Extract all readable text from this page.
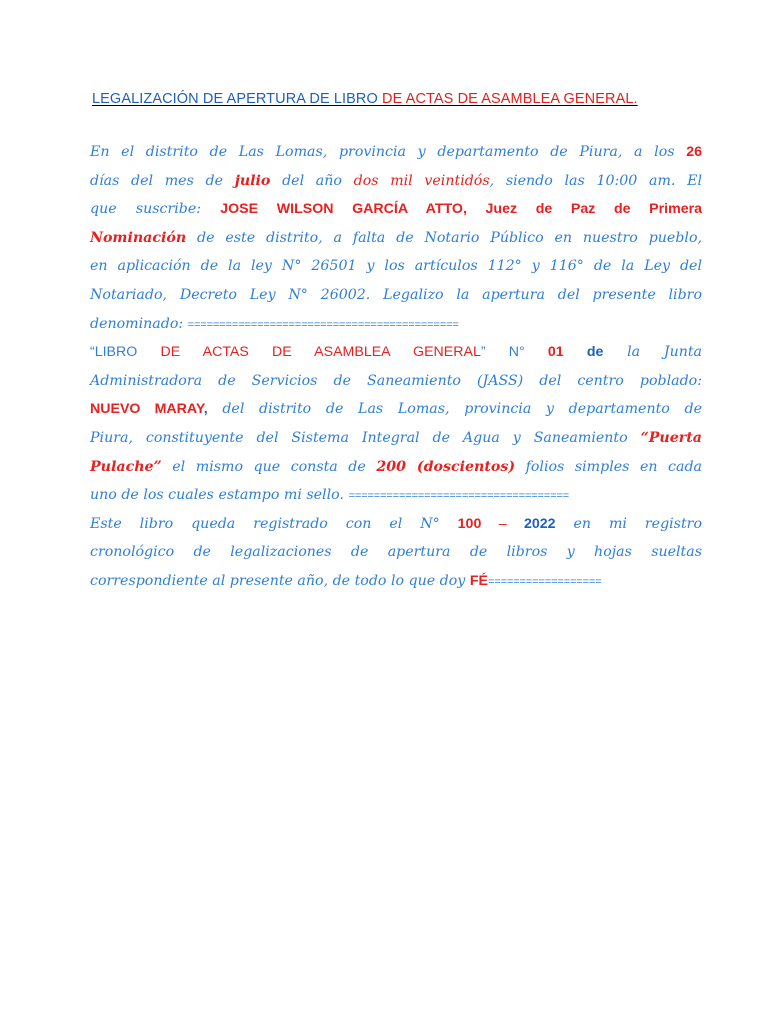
LEGALIZACIÓN DE APERTURA DE LIBRO DE ACTAS DE ASAMBLEA GENERAL.
En el distrito de Las Lomas, provincia y departamento de Piura, a los 26
días del mes de julio del año dos mil veintidós, siendo las 10:00 am. El
que suscribe: JOSE WILSON GARCÍA ATTO, Juez de Paz de Primera
Nominación de este distrito, a falta de Notario Público en nuestro pueblo,
en aplicación de la ley N° 26501 y los artículos 112° y 116° de la Ley del
Notariado, Decreto Ley N° 26002. Legalizo la apertura del presente libro
denominado: ===========================================
“LIBRO DE ACTAS DE ASAMBLEA GENERAL” N° 01 de la Junta
Administradora de Servicios de Saneamiento (JASS) del centro poblado:
NUEVO MARAY, del distrito de Las Lomas, provincia y departamento de
Piura, constituyente del Sistema Integral de Agua y Saneamiento “Puerta
Pulache” el mismo que consta de 200 (doscientos) folios simples en cada
uno de los cuales estampo mi sello. ===================================
Este libro queda registrado con el N° 100 – 2022 en mi registro
cronológico de legalizaciones de apertura de libros y hojas sueltas
correspondiente al presente año, de todo lo que doy FÉ==================
